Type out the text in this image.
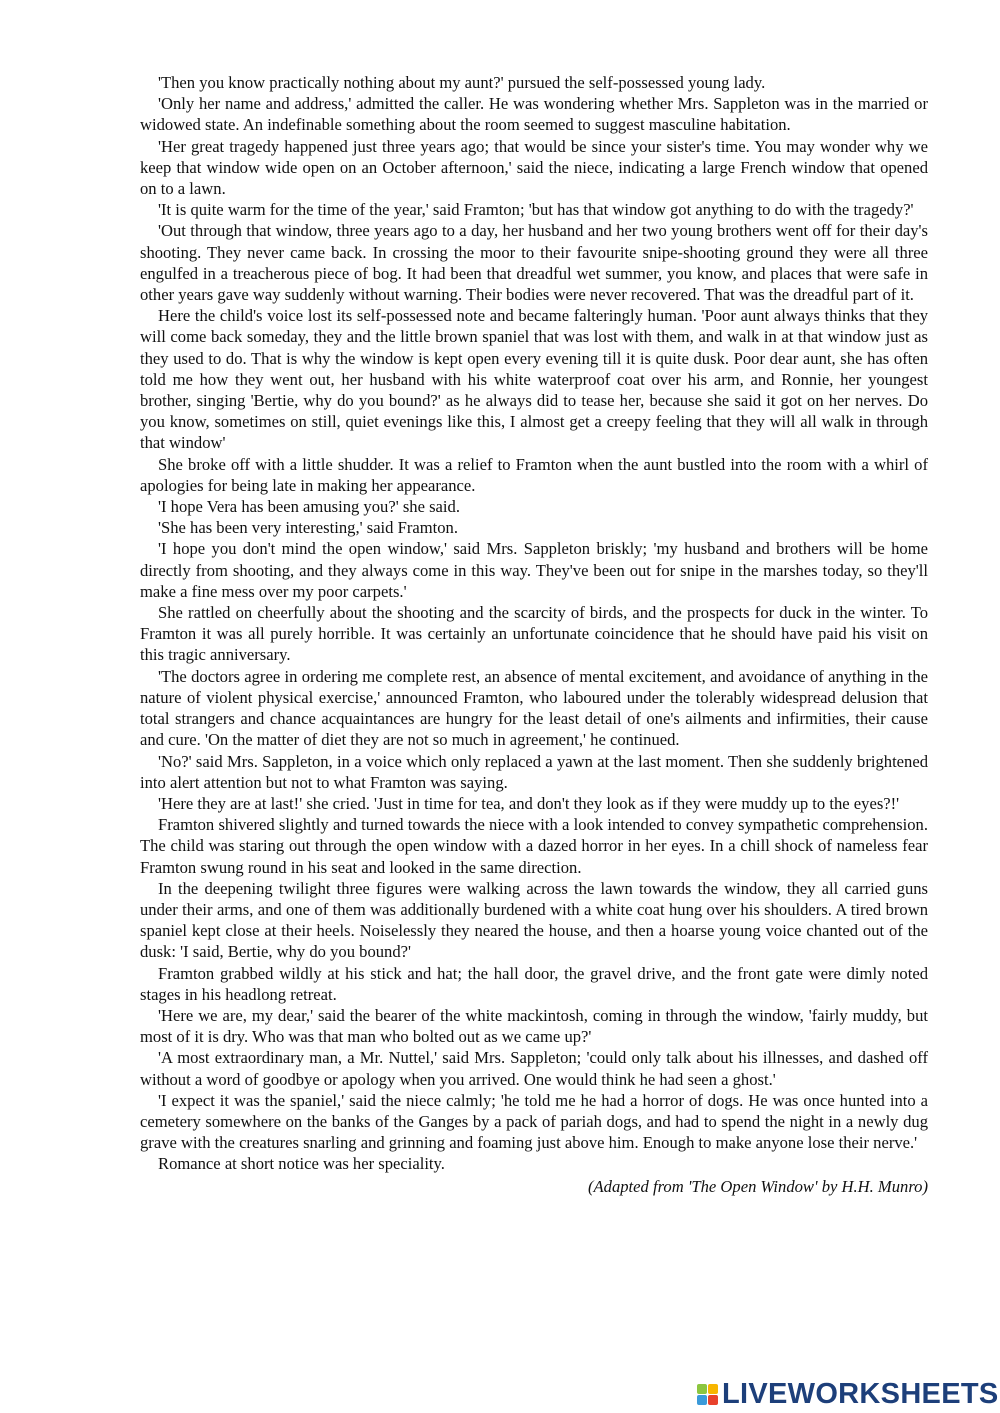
'Then you know practically nothing about my aunt?' pursued the self-possessed young lady.

'Only her name and address,' admitted the caller. He was wondering whether Mrs. Sappleton was in the married or widowed state. An indefinable something about the room seemed to suggest masculine habitation.

'Her great tragedy happened just three years ago; that would be since your sister's time. You may wonder why we keep that window wide open on an October afternoon,' said the niece, indicating a large French window that opened on to a lawn.

'It is quite warm for the time of the year,' said Framton; 'but has that window got anything to do with the tragedy?'

'Out through that window, three years ago to a day, her husband and her two young brothers went off for their day's shooting. They never came back. In crossing the moor to their favourite snipe-shooting ground they were all three engulfed in a treacherous piece of bog. It had been that dreadful wet summer, you know, and places that were safe in other years gave way suddenly without warning. Their bodies were never recovered. That was the dreadful part of it.

Here the child's voice lost its self-possessed note and became falteringly human. 'Poor aunt always thinks that they will come back someday, they and the little brown spaniel that was lost with them, and walk in at that window just as they used to do. That is why the window is kept open every evening till it is quite dusk. Poor dear aunt, she has often told me how they went out, her husband with his white waterproof coat over his arm, and Ronnie, her youngest brother, singing 'Bertie, why do you bound?' as he always did to tease her, because she said it got on her nerves. Do you know, sometimes on still, quiet evenings like this, I almost get a creepy feeling that they will all walk in through that window'

She broke off with a little shudder. It was a relief to Framton when the aunt bustled into the room with a whirl of apologies for being late in making her appearance.

'I hope Vera has been amusing you?' she said.

'She has been very interesting,' said Framton.

'I hope you don't mind the open window,' said Mrs. Sappleton briskly; 'my husband and brothers will be home directly from shooting, and they always come in this way. They've been out for snipe in the marshes today, so they'll make a fine mess over my poor carpets.'

She rattled on cheerfully about the shooting and the scarcity of birds, and the prospects for duck in the winter. To Framton it was all purely horrible. It was certainly an unfortunate coincidence that he should have paid his visit on this tragic anniversary.

'The doctors agree in ordering me complete rest, an absence of mental excitement, and avoidance of anything in the nature of violent physical exercise,' announced Framton, who laboured under the tolerably widespread delusion that total strangers and chance acquaintances are hungry for the least detail of one's ailments and infirmities, their cause and cure. 'On the matter of diet they are not so much in agreement,' he continued.

'No?' said Mrs. Sappleton, in a voice which only replaced a yawn at the last moment. Then she suddenly brightened into alert attention but not to what Framton was saying.

'Here they are at last!' she cried. 'Just in time for tea, and don't they look as if they were muddy up to the eyes?!'

Framton shivered slightly and turned towards the niece with a look intended to convey sympathetic comprehension. The child was staring out through the open window with a dazed horror in her eyes. In a chill shock of nameless fear Framton swung round in his seat and looked in the same direction.

In the deepening twilight three figures were walking across the lawn towards the window, they all carried guns under their arms, and one of them was additionally burdened with a white coat hung over his shoulders. A tired brown spaniel kept close at their heels. Noiselessly they neared the house, and then a hoarse young voice chanted out of the dusk: 'I said, Bertie, why do you bound?'

Framton grabbed wildly at his stick and hat; the hall door, the gravel drive, and the front gate were dimly noted stages in his headlong retreat.

'Here we are, my dear,' said the bearer of the white mackintosh, coming in through the window, 'fairly muddy, but most of it is dry. Who was that man who bolted out as we came up?'

'A most extraordinary man, a Mr. Nuttel,' said Mrs. Sappleton; 'could only talk about his illnesses, and dashed off without a word of goodbye or apology when you arrived. One would think he had seen a ghost.'

'I expect it was the spaniel,' said the niece calmly; 'he told me he had a horror of dogs. He was once hunted into a cemetery somewhere on the banks of the Ganges by a pack of pariah dogs, and had to spend the night in a newly dug grave with the creatures snarling and grinning and foaming just above him. Enough to make anyone lose their nerve.'

Romance at short notice was her speciality.

(Adapted from 'The Open Window' by H.H. Munro)

LIVEWORKSHEETS
